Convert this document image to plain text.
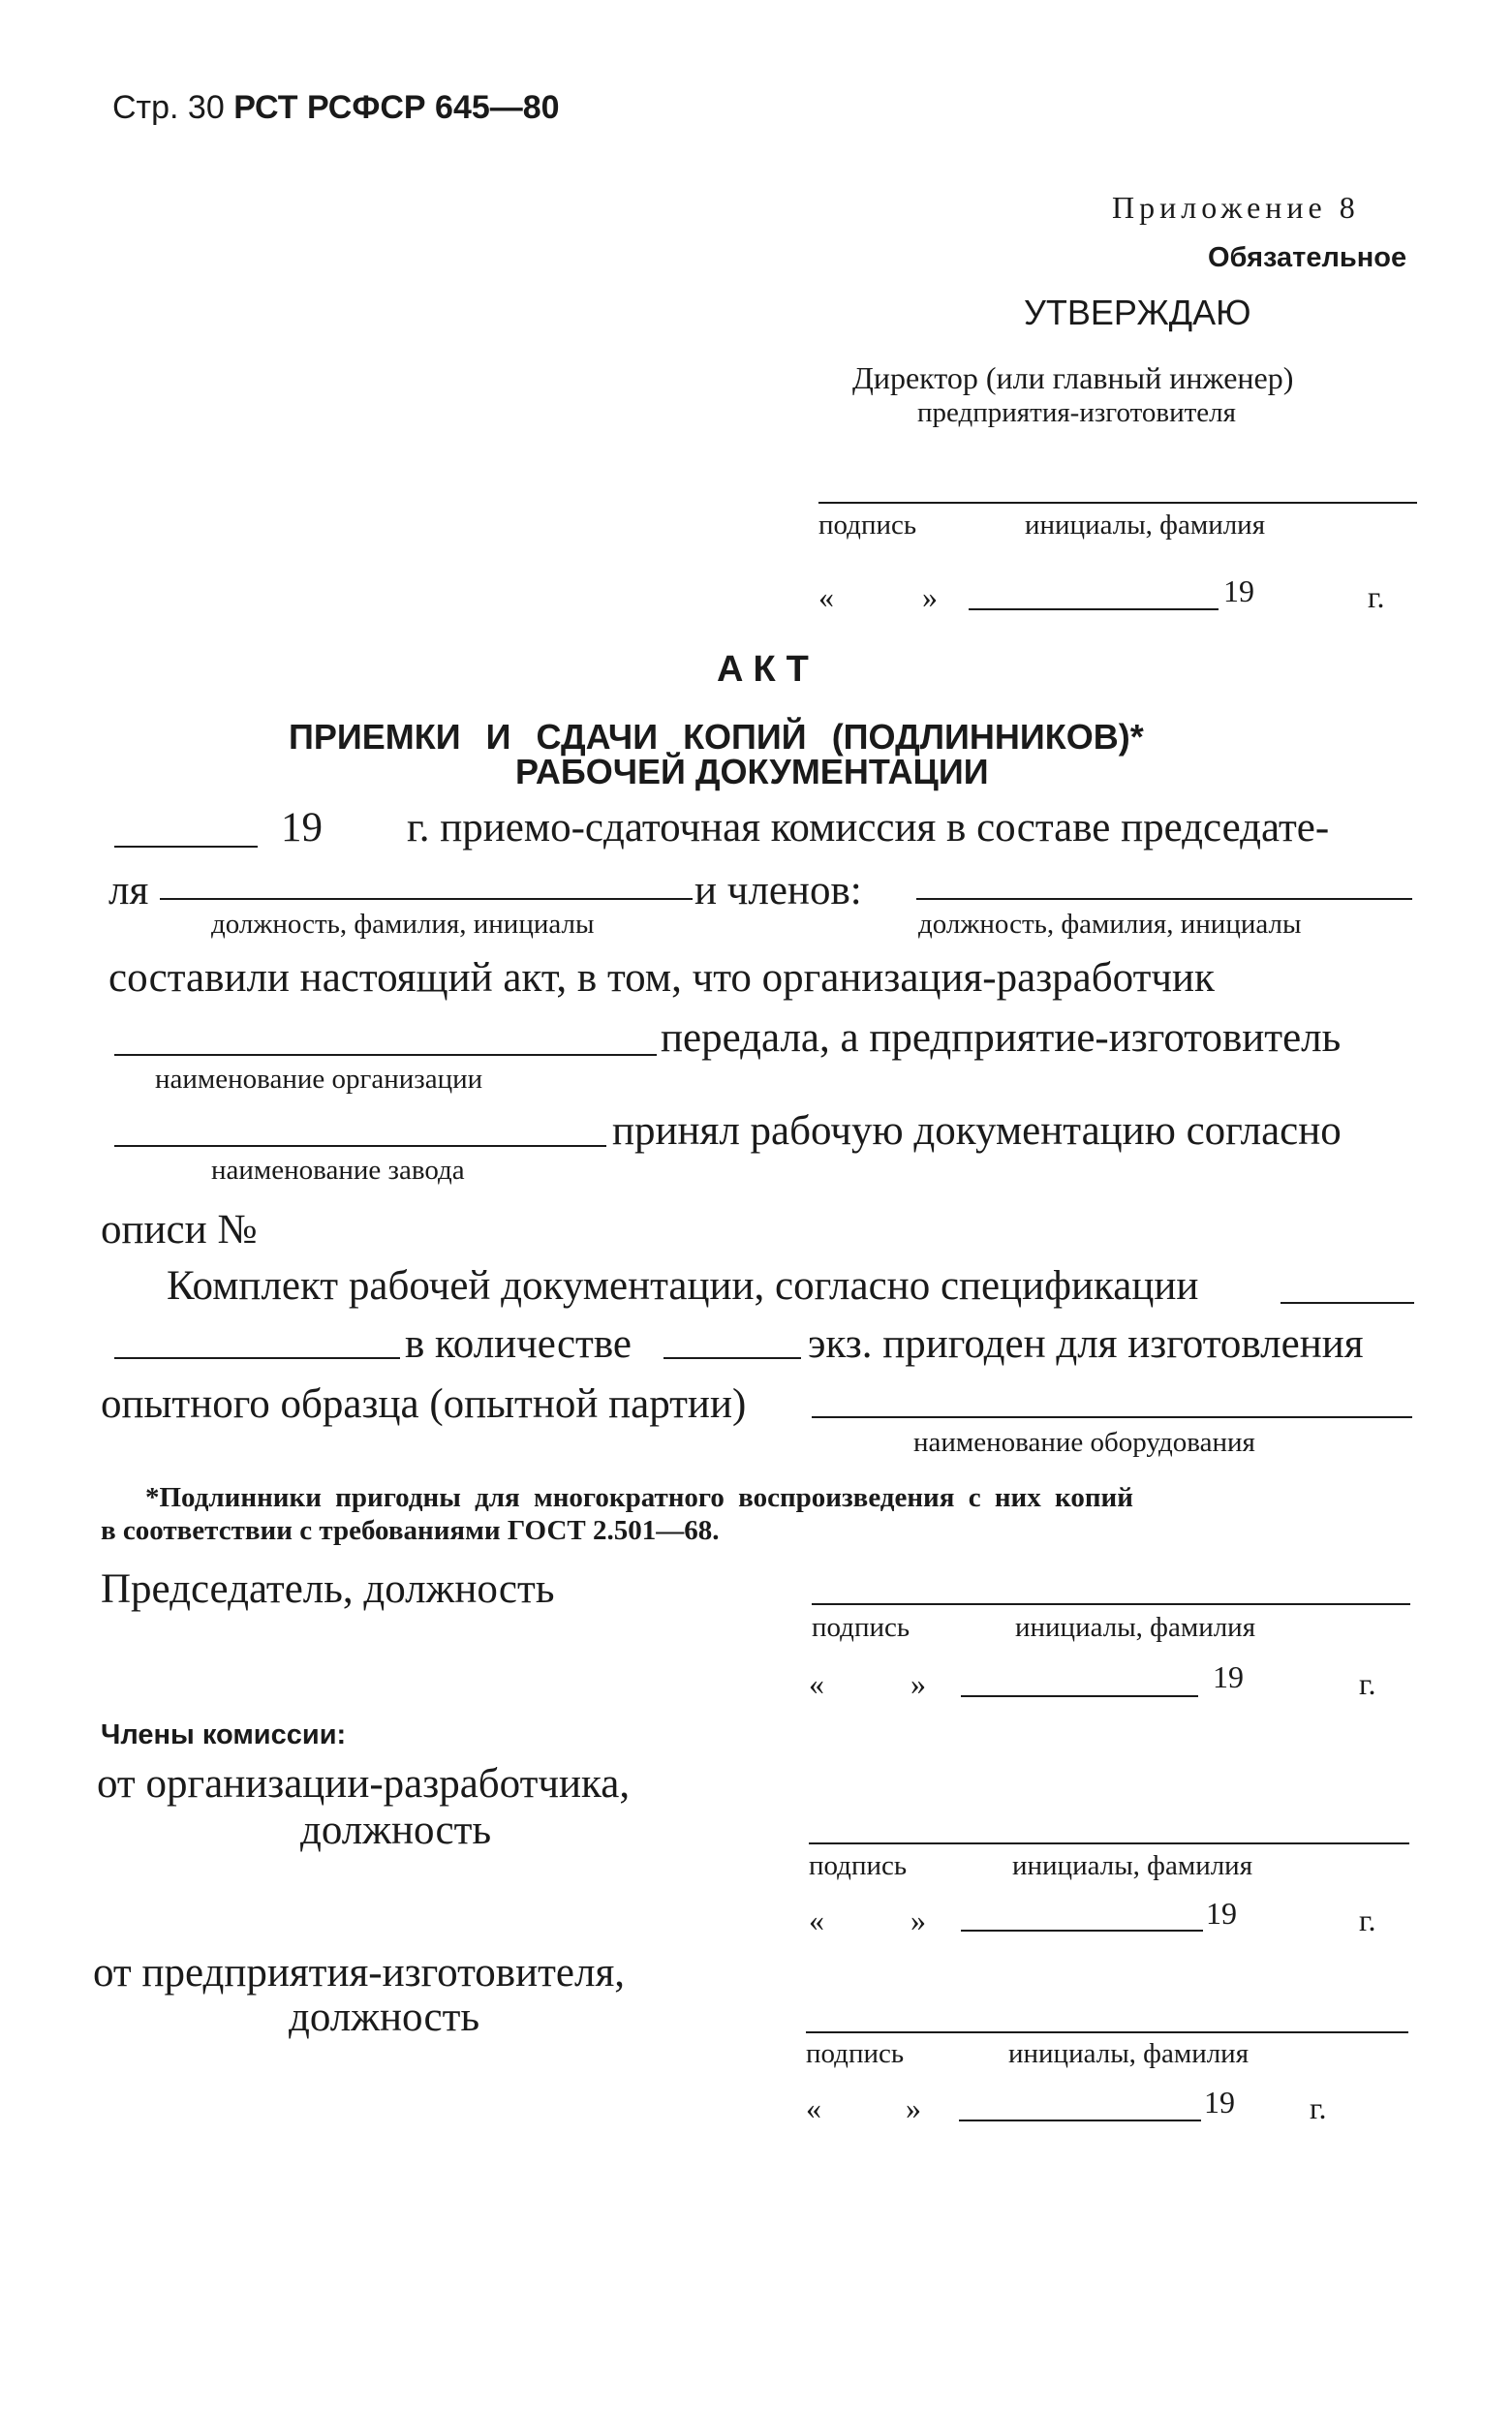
Стр. 30 РСТ РСФСР 645—80
Приложение 8
Обязательное
УТВЕРЖДАЮ
Директор (или главный инженер)
предприятия-изготовителя
подпись	инициалы, фамилия
«	»	19	г.
АКТ
ПРИЕМКИ И СДАЧИ КОПИЙ (ПОДЛИННИКОВ)*
РАБОЧЕЙ ДОКУМЕНТАЦИИ
19 г. приемо-сдаточная комиссия в составе председате-
ля	и членов:
должность, фамилия, инициалы	должность, фамилия, инициалы
составили настоящий акт, в том, что организация-разработчик
передала, а предприятие-изготовитель
наименование организации
принял рабочую документацию согласно
наименование завода
описи №
Комплект рабочей документации, согласно спецификации
в количестве	экз. пригоден для изготовления
опытного образца (опытной партии)
наименование оборудования
*Подлинники пригодны для многократного воспроизведения с них копий
в соответствии с требованиями ГОСТ 2.501—68.
Председатель, должность
подпись	инициалы, фамилия
«	»	19	г.
Члены комиссии:
от организации-разработчика,
должность
подпись	инициалы, фамилия
«	»	19	г.
от предприятия-изготовителя,
должность
подпись	инициалы, фамилия
«	»	19 г.
